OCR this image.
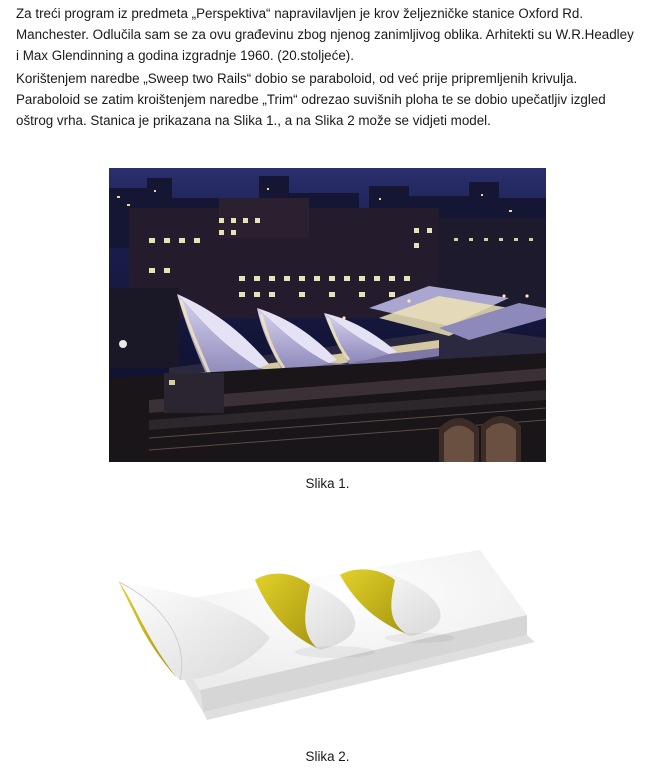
Za treći program iz predmeta „Perspektiva“ napravilavljen je krov željezničke stanice Oxford Rd.
Manchester. Odlučila sam se za ovu građevinu zbog njenog zanimljivog oblika. Arhitekti su W.R.Headley
i Max Glendinning a godina izgradnje 1960. (20.stoljeće).

Korištenjem naredbe „Sweep two Rails“ dobio se paraboloid, od već prije pripremljenih krivulja.
Paraboloid se zatim kroištenjem naredbe „Trim“ odrezao suvišnih ploha te se dobio upečatljiv izgled
oštrog vrha. Stanica je prikazana na Slika 1., a na Slika 2 može se vidjeti model.

Slika 1.
Slika 2.
